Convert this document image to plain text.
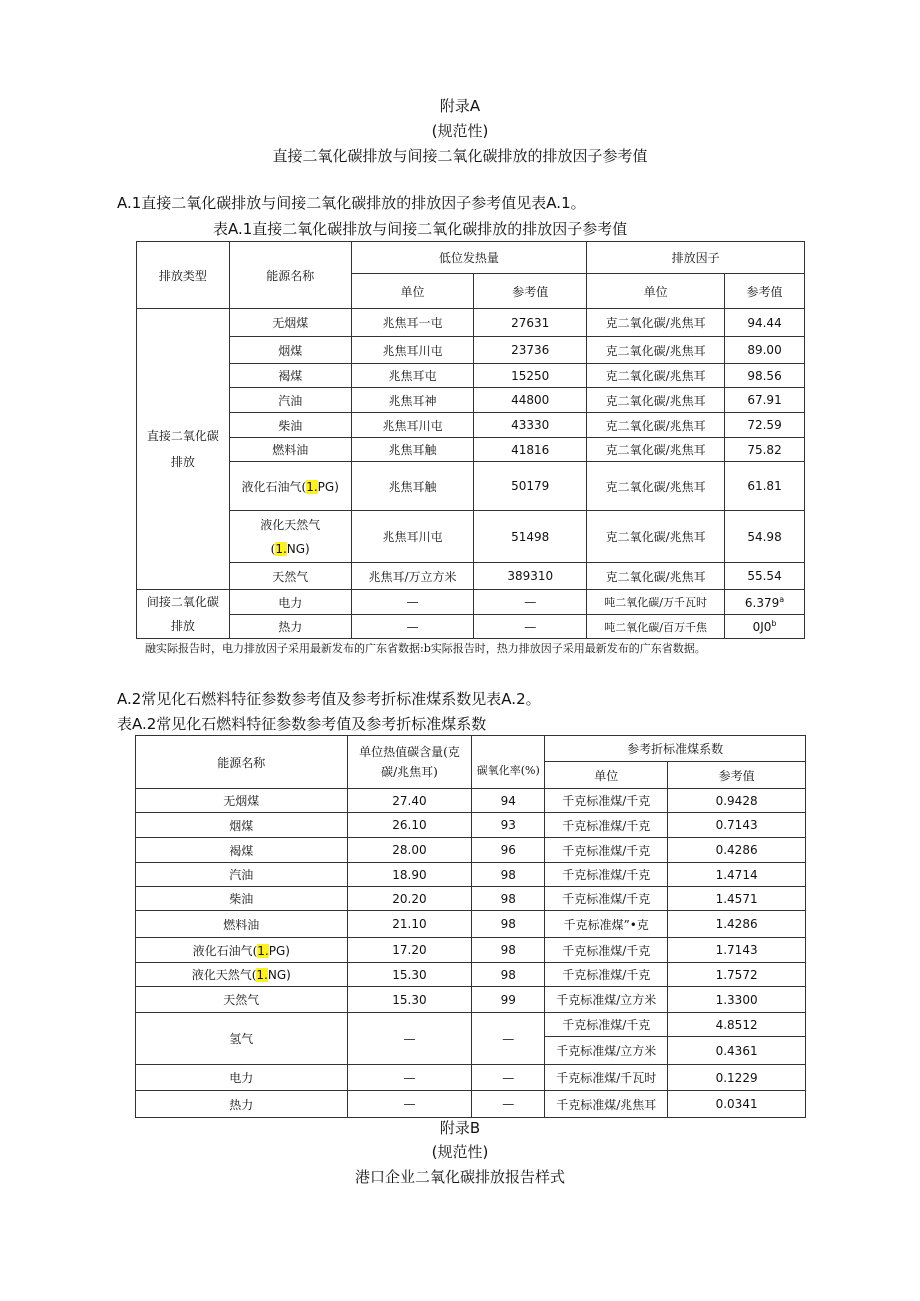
附录A
(规范性)
直接二氧化碳排放与间接二氧化碳排放的排放因子参考值
A.1直接二氧化碳排放与间接二氧化碳排放的排放因子参考值见表A.1。
表A.1直接二氧化碳排放与间接二氧化碳排放的排放因子参考值
排放类型	能源名称	低位发热量		排放因子	
		单位	参考值	单位	参考值
直接二氧化碳
排放	无烟煤	兆焦耳一屯	27631	克二氧化碳/兆焦耳	94.44
	烟煤	兆焦耳川屯	23736	克二氧化碳/兆焦耳	89.00
	褐煤	兆焦耳屯	15250	克二氧化碳/兆焦耳	98.56
	汽油	兆焦耳神	44800	克二氧化碳/兆焦耳	67.91
	柴油	兆焦耳川屯	43330	克二氧化碳/兆焦耳	72.59
	燃料油	兆焦耳触	41816	克二氧化碳/兆焦耳	75.82
	液化石油气(1.PG)	兆焦耳触	50179	克二氧化碳/兆焦耳	61.81
	液化天然气
(1.NG)	兆焦耳川屯	51498	克二氧化碳/兆焦耳	54.98
	天然气	兆焦耳/万立方米	389310	克二氧化碳/兆焦耳	55.54
间接二氧化碳
排放	电力	—	—	吨二氧化碳/万千瓦时	6.379$^a$
	热力	—	—	吨二氧化碳/百万千焦	0J0$^b$
融实际报告时，电力排放因子采用最新发布的广东省数据:b实际报告时，热力排放因子采用最新发布的广东省数据。
A.2常见化石燃料特征参数参考值及参考折标准煤系数见表A.2。
表A.2常见化石燃料特征参数参考值及参考折标准煤系数
能源名称	单位热值碳含量(克
碳/兆焦耳)	碳氧化率(%)	参考折标准煤系数	
			单位	参考值
无烟煤	27.40	94	千克标准煤/千克	0.9428
烟煤	26.10	93	千克标准煤/千克	0.7143
褐煤	28.00	96	千克标准煤/千克	0.4286
汽油	18.90	98	千克标准煤/千克	1.4714
柴油	20.20	98	千克标准煤/千克	1.4571
燃料油	21.10	98	千克标准煤”•克	1.4286
液化石油气(1.PG)	17.20	98	千克标准煤/千克	1.7143
液化天然气(1.NG)	15.30	98	千克标准煤/千克	1.7572
天然气	15.30	99	千克标准煤/立方米	1.3300
氢气	—	—	千克标准煤/千克	4.8512
			千克标准煤/立方米	0.4361
电力	—	—	千克标准煤/千瓦时	0.1229
热力	—	—	千克标准煤/兆焦耳	0.0341
附录B
(规范性)
港口企业二氧化碳排放报告样式
